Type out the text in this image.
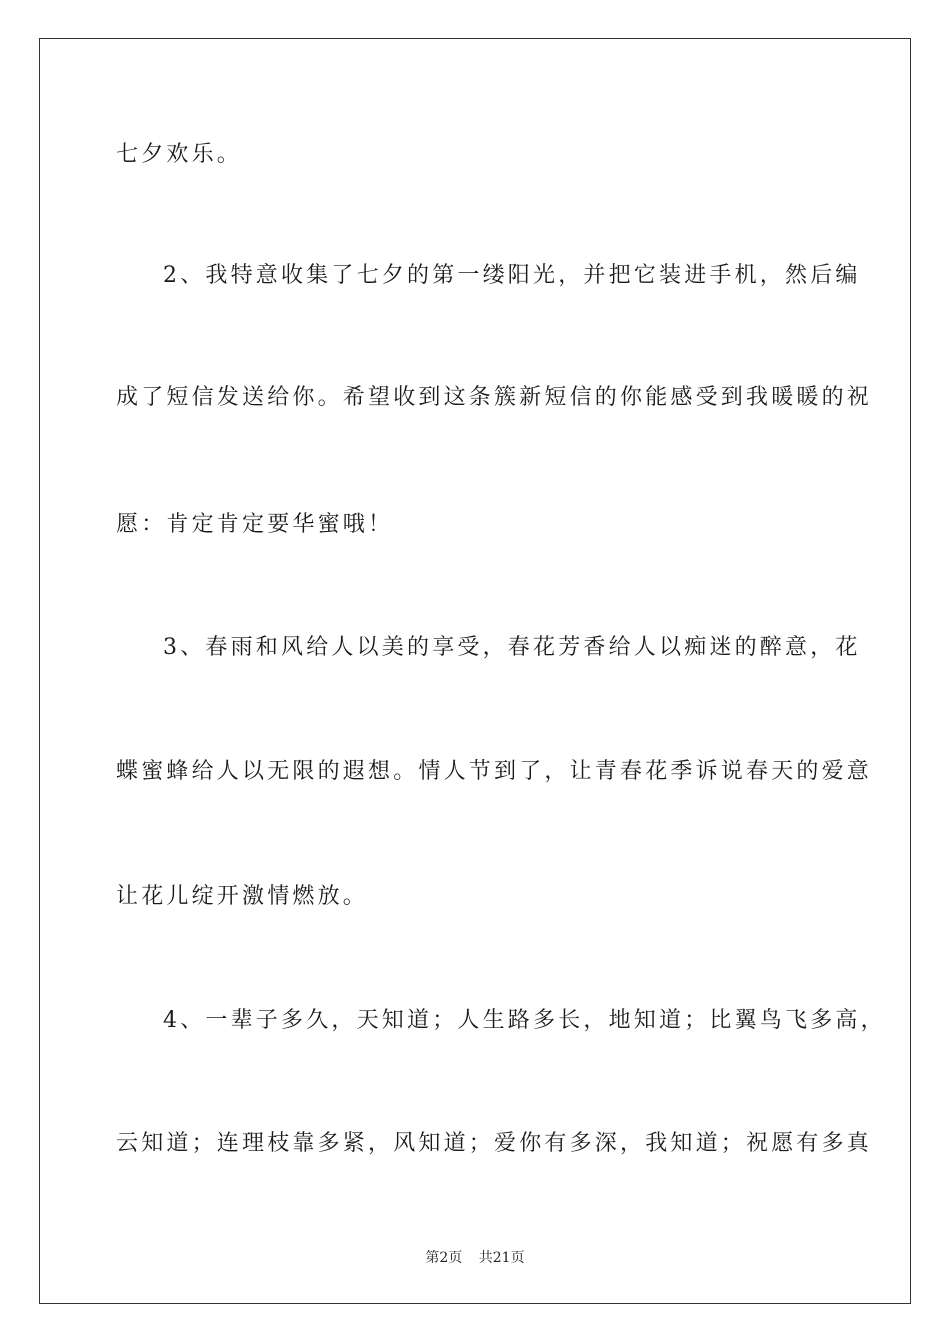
七夕欢乐。
2、我特意收集了七夕的第一缕阳光，并把它装进手机，然后编
成了短信发送给你。希望收到这条簇新短信的你能感受到我暖暖的祝
愿：肯定肯定要华蜜哦！
3、春雨和风给人以美的享受，春花芳香给人以痴迷的醉意，花
蝶蜜蜂给人以无限的遐想。情人节到了，让青春花季诉说春天的爱意
让花儿绽开激情燃放。
4、一辈子多久，天知道；人生路多长，地知道；比翼鸟飞多高，
云知道；连理枝靠多紧，风知道；爱你有多深，我知道；祝愿有多真
第2页 共21页
